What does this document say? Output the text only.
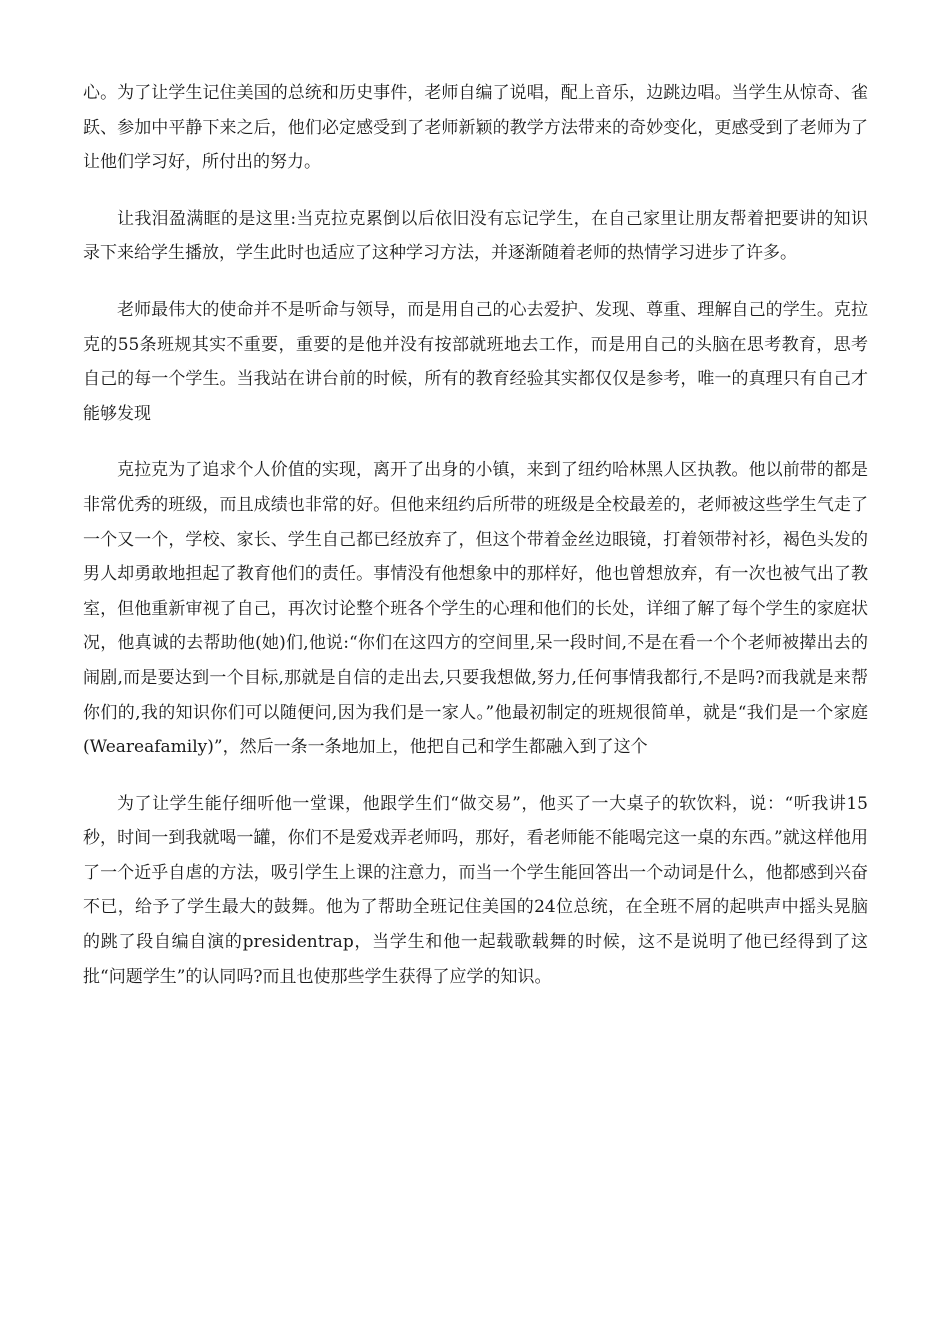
心。为了让学生记住美国的总统和历史事件，老师自编了说唱，配上音乐，边跳边唱。当学生从惊奇、雀跃、参加中平静下来之后，他们必定感受到了老师新颖的教学方法带来的奇妙变化，更感受到了老师为了让他们学习好，所付出的努力。

让我泪盈满眶的是这里:当克拉克累倒以后依旧没有忘记学生，在自己家里让朋友帮着把要讲的知识录下来给学生播放，学生此时也适应了这种学习方法，并逐渐随着老师的热情学习进步了许多。

老师最伟大的使命并不是听命与领导，而是用自己的心去爱护、发现、尊重、理解自己的学生。克拉克的55条班规其实不重要，重要的是他并没有按部就班地去工作，而是用自己的头脑在思考教育，思考自己的每一个学生。当我站在讲台前的时候，所有的教育经验其实都仅仅是参考，唯一的真理只有自己才能够发现

克拉克为了追求个人价值的实现，离开了出身的小镇，来到了纽约哈林黑人区执教。他以前带的都是非常优秀的班级，而且成绩也非常的好。但他来纽约后所带的班级是全校最差的，老师被这些学生气走了一个又一个，学校、家长、学生自己都已经放弃了，但这个带着金丝边眼镜，打着领带衬衫，褐色头发的男人却勇敢地担起了教育他们的责任。事情没有他想象中的那样好，他也曾想放弃，有一次也被气出了教室，但他重新审视了自己，再次讨论整个班各个学生的心理和他们的长处，详细了解了每个学生的家庭状况，他真诚的去帮助他(她)们,他说:“你们在这四方的空间里,呆一段时间,不是在看一个个老师被撵出去的闹剧,而是要达到一个目标,那就是自信的走出去,只要我想做,努力,任何事情我都行,不是吗?而我就是来帮你们的,我的知识你们可以随便问,因为我们是一家人。”他最初制定的班规很简单，就是“我们是一个家庭(Weareafamily)”，然后一条一条地加上，他把自己和学生都融入到了这个

为了让学生能仔细听他一堂课，他跟学生们“做交易”，他买了一大桌子的软饮料，说：“听我讲15秒，时间一到我就喝一罐，你们不是爱戏弄老师吗，那好，看老师能不能喝完这一桌的东西。”就这样他用了一个近乎自虐的方法，吸引学生上课的注意力，而当一个学生能回答出一个动词是什么，他都感到兴奋不已，给予了学生最大的鼓舞。他为了帮助全班记住美国的24位总统，在全班不屑的起哄声中摇头晃脑的跳了段自编自演的presidentrap，当学生和他一起载歌载舞的时候，这不是说明了他已经得到了这批“问题学生”的认同吗?而且也使那些学生获得了应学的知识。
